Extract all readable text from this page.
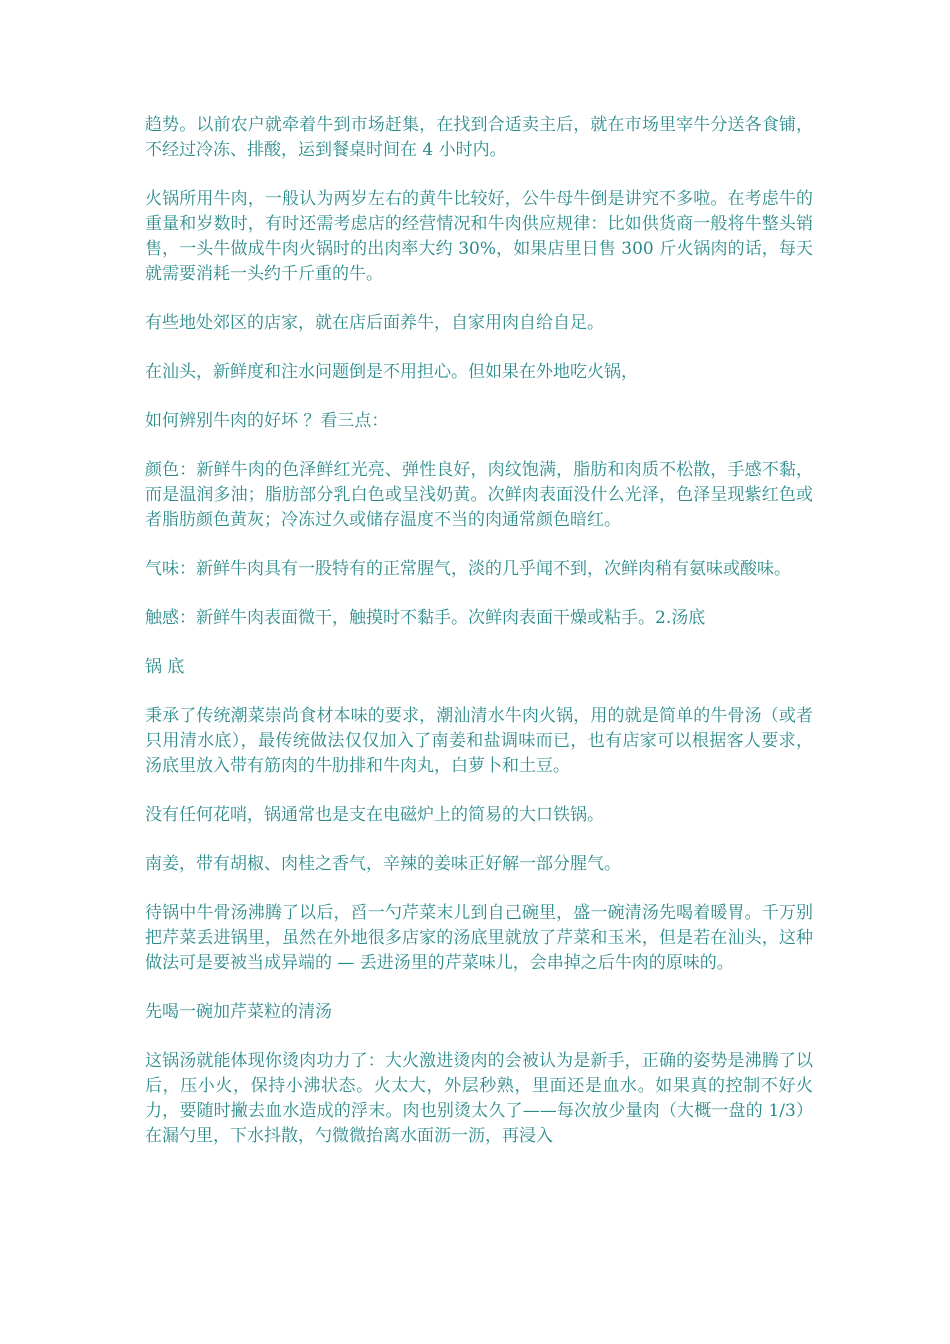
趋势。以前农户就牵着牛到市场赶集，在找到合适卖主后，就在市场里宰牛分送各食铺，不经过冷冻、排酸，运到餐桌时间在 4 小时内。

火锅所用牛肉，一般认为两岁左右的黄牛比较好，公牛母牛倒是讲究不多啦。在考虑牛的重量和岁数时，有时还需考虑店的经营情况和牛肉供应规律：比如供货商一般将牛整头销售，一头牛做成牛肉火锅时的出肉率大约 30%，如果店里日售 300 斤火锅肉的话，每天就需要消耗一头约千斤重的牛。

有些地处郊区的店家，就在店后面养牛，自家用肉自给自足。

在汕头，新鲜度和注水问题倒是不用担心。但如果在外地吃火锅，

如何辨别牛肉的好坏 ？看三点：

颜色：新鲜牛肉的色泽鲜红光亮、弹性良好，肉纹饱满，脂肪和肉质不松散，手感不黏，而是温润多油；脂肪部分乳白色或呈浅奶黄。次鲜肉表面没什么光泽，色泽呈现紫红色或者脂肪颜色黄灰；冷冻过久或储存温度不当的肉通常颜色暗红。

气味：新鲜牛肉具有一股特有的正常腥气，淡的几乎闻不到，次鲜肉稍有氨味或酸味。

触感：新鲜牛肉表面微干，触摸时不黏手。次鲜肉表面干燥或粘手。2.汤底

锅 底

秉承了传统潮菜崇尚食材本味的要求，潮汕清水牛肉火锅，用的就是简单的牛骨汤（或者只用清水底），最传统做法仅仅加入了南姜和盐调味而已，也有店家可以根据客人要求，汤底里放入带有筋肉的牛肋排和牛肉丸，白萝卜和土豆。

没有任何花哨，锅通常也是支在电磁炉上的简易的大口铁锅。

南姜，带有胡椒、肉桂之香气，辛辣的姜味正好解一部分腥气。

待锅中牛骨汤沸腾了以后，舀一勺芹菜末儿到自己碗里，盛一碗清汤先喝着暖胃。千万别把芹菜丢进锅里，虽然在外地很多店家的汤底里就放了芹菜和玉米，但是若在汕头，这种做法可是要被当成异端的 — 丢进汤里的芹菜味儿，会串掉之后牛肉的原味的。

先喝一碗加芹菜粒的清汤

这锅汤就能体现你烫肉功力了：大火激进烫肉的会被认为是新手，正确的姿势是沸腾了以后，压小火，保持小沸状态。火太大，外层秒熟，里面还是血水。如果真的控制不好火力，要随时撇去血水造成的浮末。肉也别烫太久了——每次放少量肉（大概一盘的 1/3）在漏勺里，下水抖散，勺微微抬离水面沥一沥，再浸入
